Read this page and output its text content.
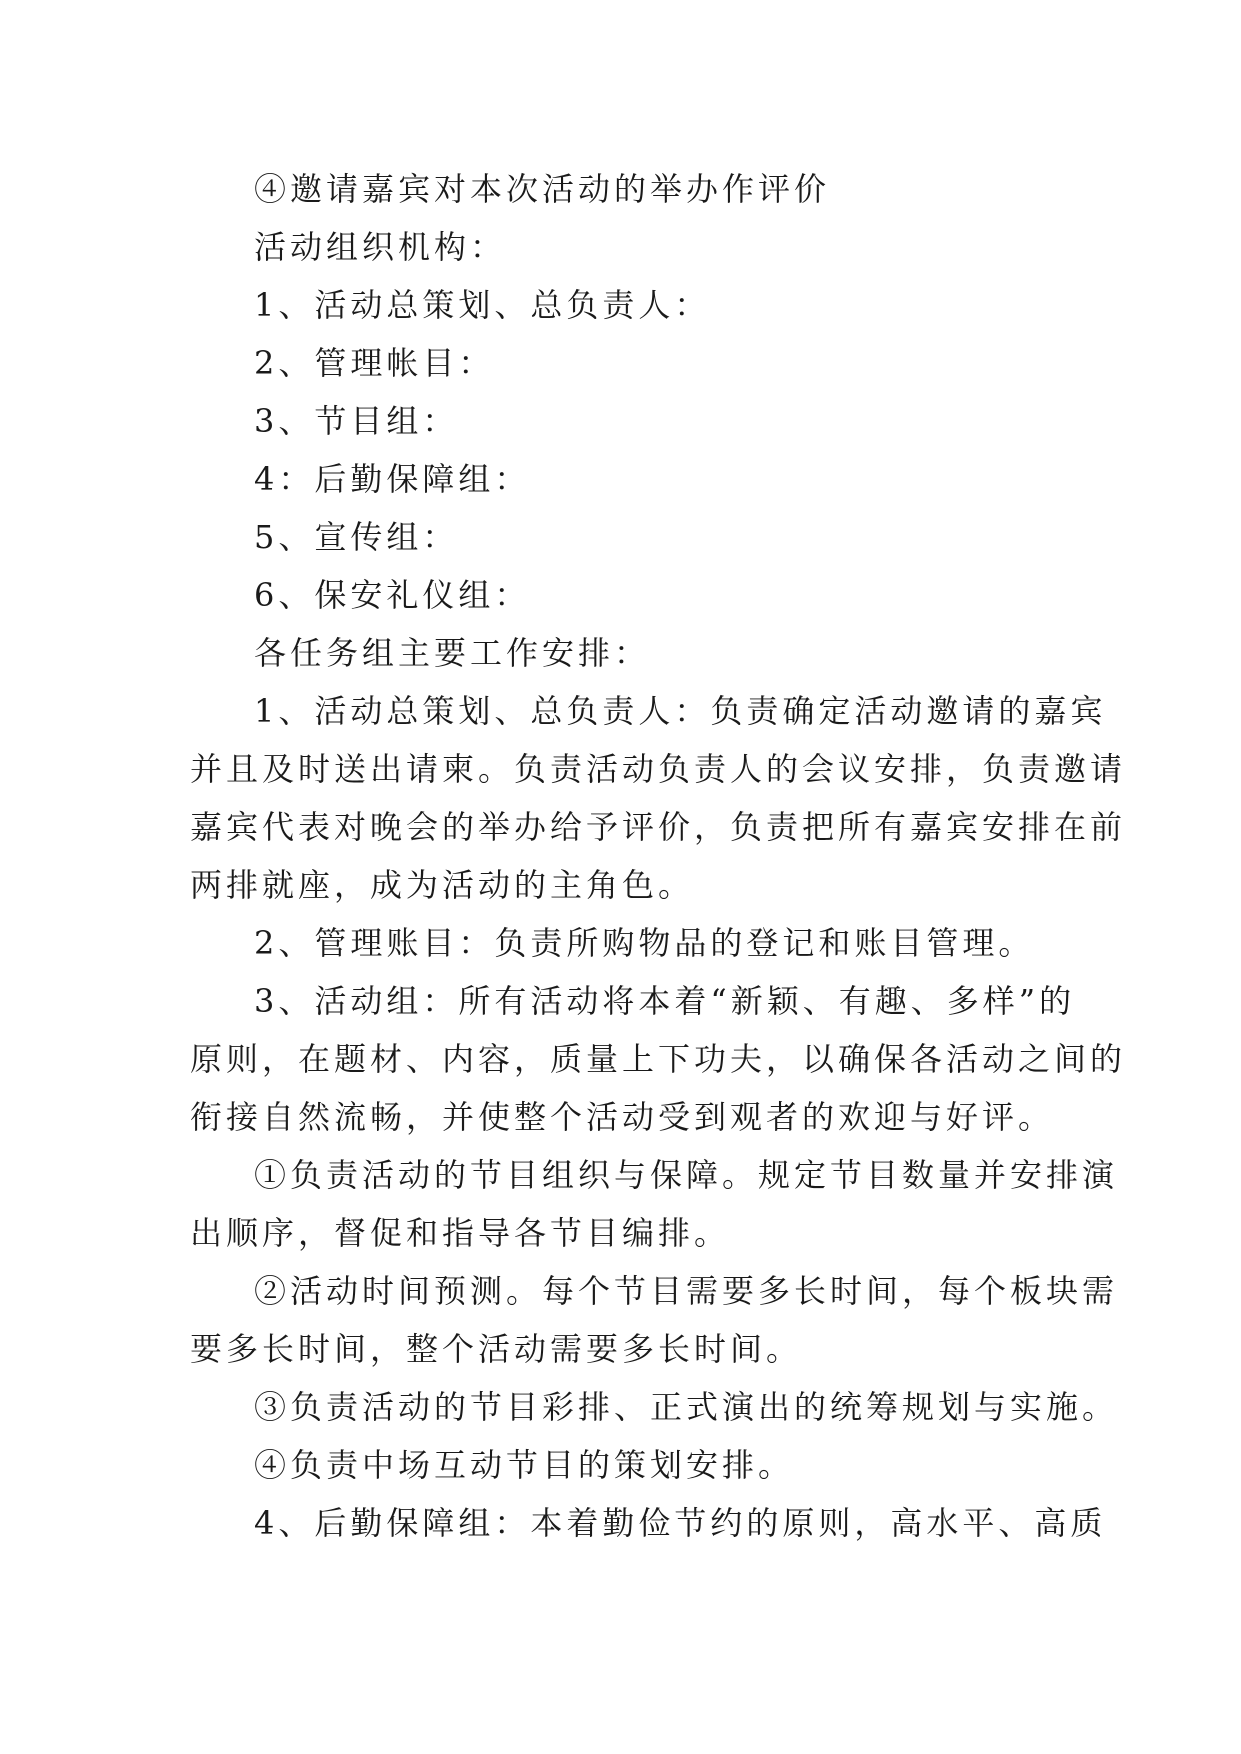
④邀请嘉宾对本次活动的举办作评价
活动组织机构：
1、活动总策划、总负责人：
2、管理帐目：
3、节目组：
4：后勤保障组：
5、宣传组：
6、保安礼仪组：
各任务组主要工作安排：
1、活动总策划、总负责人：负责确定活动邀请的嘉宾
并且及时送出请柬。负责活动负责人的会议安排，负责邀请
嘉宾代表对晚会的举办给予评价，负责把所有嘉宾安排在前
两排就座，成为活动的主角色。
2、管理账目：负责所购物品的登记和账目管理。
3、活动组：所有活动将本着“新颖、有趣、多样”的
原则，在题材、内容，质量上下功夫，以确保各活动之间的
衔接自然流畅，并使整个活动受到观者的欢迎与好评。
①负责活动的节目组织与保障。规定节目数量并安排演
出顺序，督促和指导各节目编排。
②活动时间预测。每个节目需要多长时间，每个板块需
要多长时间，整个活动需要多长时间。
③负责活动的节目彩排、正式演出的统筹规划与实施。
④负责中场互动节目的策划安排。
4、后勤保障组：本着勤俭节约的原则，高水平、高质
